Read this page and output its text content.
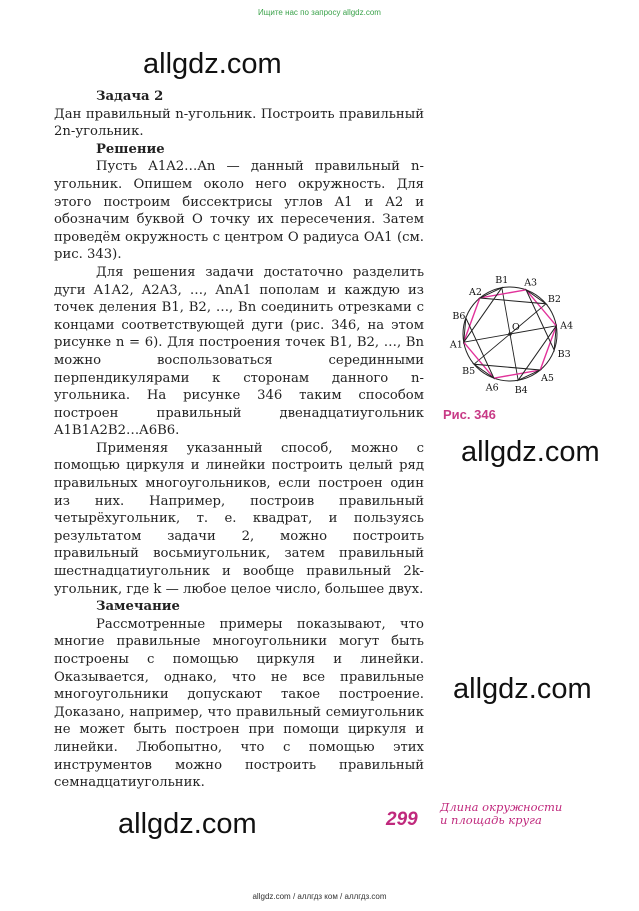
Ищите нас по запросу allgdz.com
allgdz.com
allgdz.com
allgdz.com
allgdz.com

Задача 2

Дан правильный n-угольник. Построить правильный 2n-угольник.

Решение

Пусть A1A2…An — данный правильный n-угольник. Опишем около него окружность. Для этого построим биссектрисы углов A1 и A2 и обозначим буквой O точку их пересечения. Затем проведём окружность с центром O радиуса OA1 (см. рис. 343).

Для решения задачи достаточно разделить дуги A1A2, A2A3, …, AnA1 пополам и каждую из точек деления B1, B2, …, Bn соединить отрезками с концами соответствующей дуги (рис. 346, на этом рисунке n = 6). Для построения точек B1, B2, …, Bn можно воспользоваться серединными перпендикулярами к сторонам данного n-угольника. На рисунке 346 таким способом построен правильный двенадцатиугольник A1B1A2B2…A6B6.

Применяя указанный способ, можно с помощью циркуля и линейки построить целый ряд правильных многоугольников, если построен один из них. Например, построив правильный четырёхугольник, т. е. квадрат, и пользуясь результатом задачи 2, можно построить правильный восьмиугольник, затем правильный шестнадцатиугольник и вообще правильный 2k-угольник, где k — любое целое число, большее двух.

Замечание

Рассмотренные примеры показывают, что многие правильные многоугольники могут быть построены с помощью циркуля и линейки. Оказывается, однако, что не все правильные многоугольники допускают такое построение. Доказано, например, что правильный семиугольник не может быть построен при помощи циркуля и линейки. Любопытно, что с помощью этих инструментов можно построить правильный семнадцатиугольник.

A1
A2
A3
A4
A5
A6
B1
B2
B3
B4
B5
B6
O
Рис. 346
299
Длина окружности
и площадь круга
allgdz.com / аллгдз ком / аллгдз.com
